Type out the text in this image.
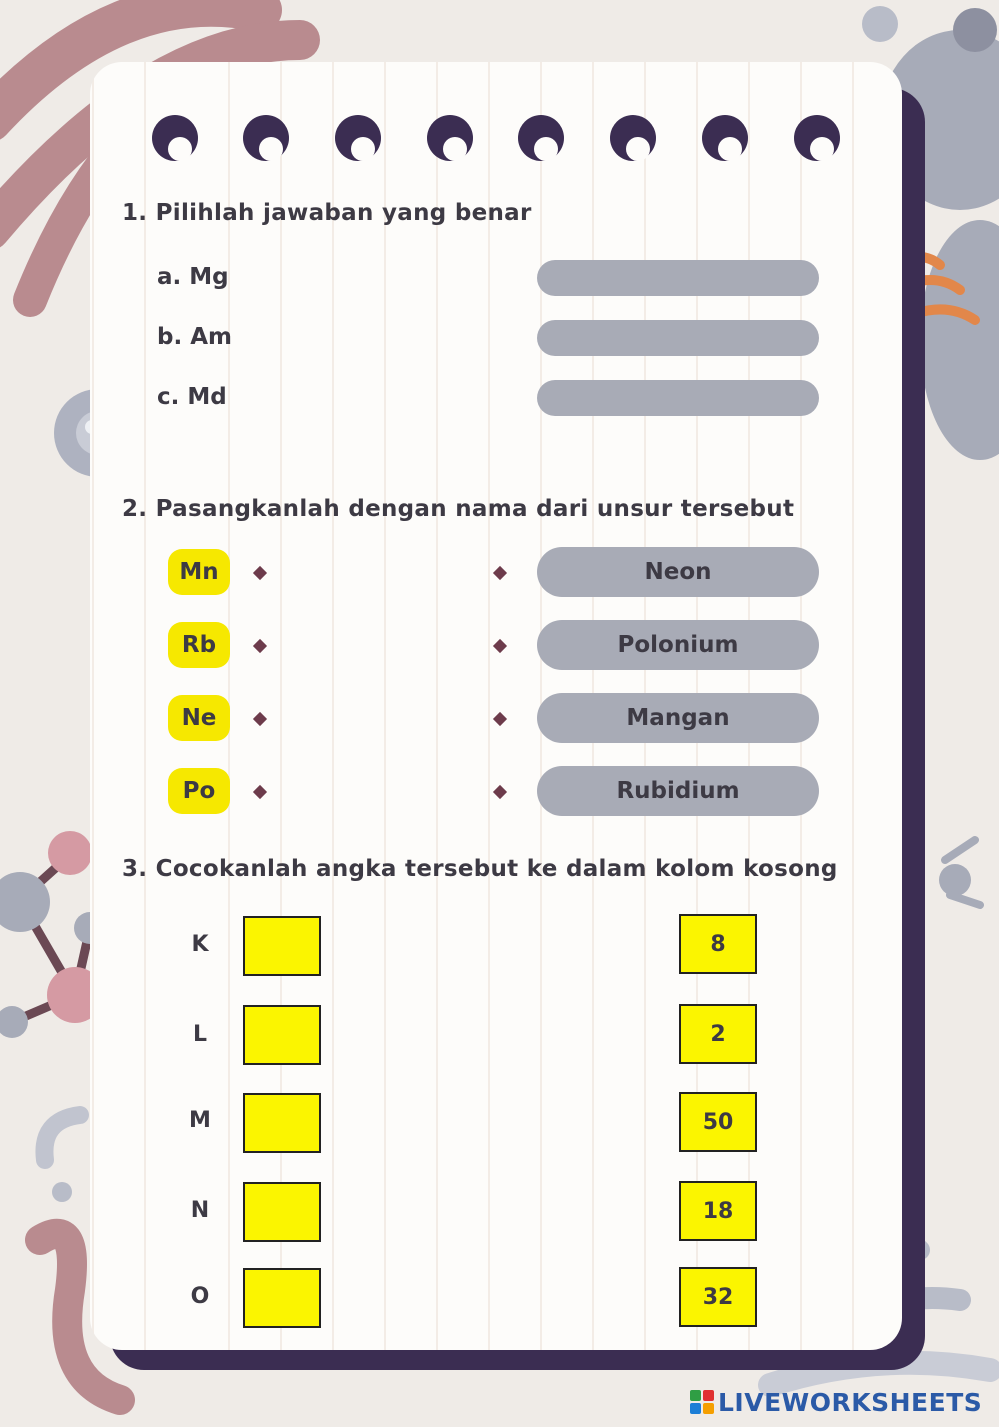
1. Pilihlah jawaban yang benar
a. Mg
b. Am
c. Md
2. Pasangkanlah dengan nama dari unsur tersebut
Mn	Neon
Rb	Polonium
Ne	Mangan
Po	Rubidium
3. Cocokanlah angka tersebut ke dalam kolom kosong
K	8
L	2
M	50
N	18
O	32
LIVEWORKSHEETS
